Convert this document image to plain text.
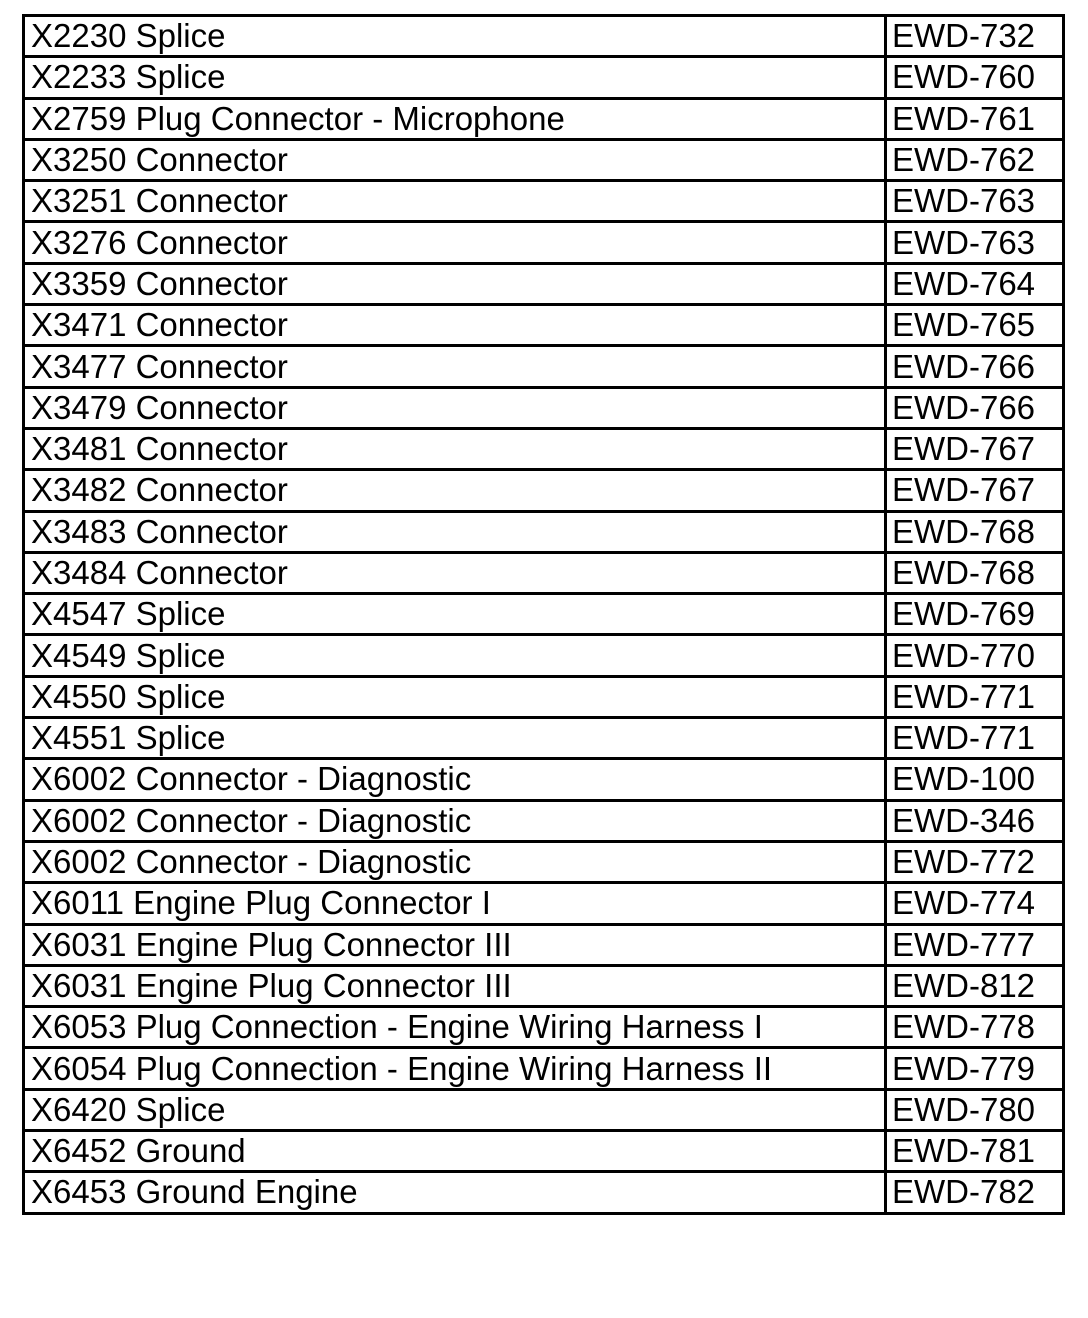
X2230 Splice	EWD-732
X2233 Splice	EWD-760
X2759 Plug Connector - Microphone	EWD-761
X3250 Connector	EWD-762
X3251 Connector	EWD-763
X3276 Connector	EWD-763
X3359 Connector	EWD-764
X3471 Connector	EWD-765
X3477 Connector	EWD-766
X3479 Connector	EWD-766
X3481 Connector	EWD-767
X3482 Connector	EWD-767
X3483 Connector	EWD-768
X3484 Connector	EWD-768
X4547 Splice	EWD-769
X4549 Splice	EWD-770
X4550 Splice	EWD-771
X4551 Splice	EWD-771
X6002 Connector - Diagnostic	EWD-100
X6002 Connector - Diagnostic	EWD-346
X6002 Connector - Diagnostic	EWD-772
X6011 Engine Plug Connector I	EWD-774
X6031 Engine Plug Connector III	EWD-777
X6031 Engine Plug Connector III	EWD-812
X6053 Plug Connection - Engine Wiring Harness I	EWD-778
X6054 Plug Connection - Engine Wiring Harness II	EWD-779
X6420 Splice	EWD-780
X6452 Ground	EWD-781
X6453 Ground Engine	EWD-782
